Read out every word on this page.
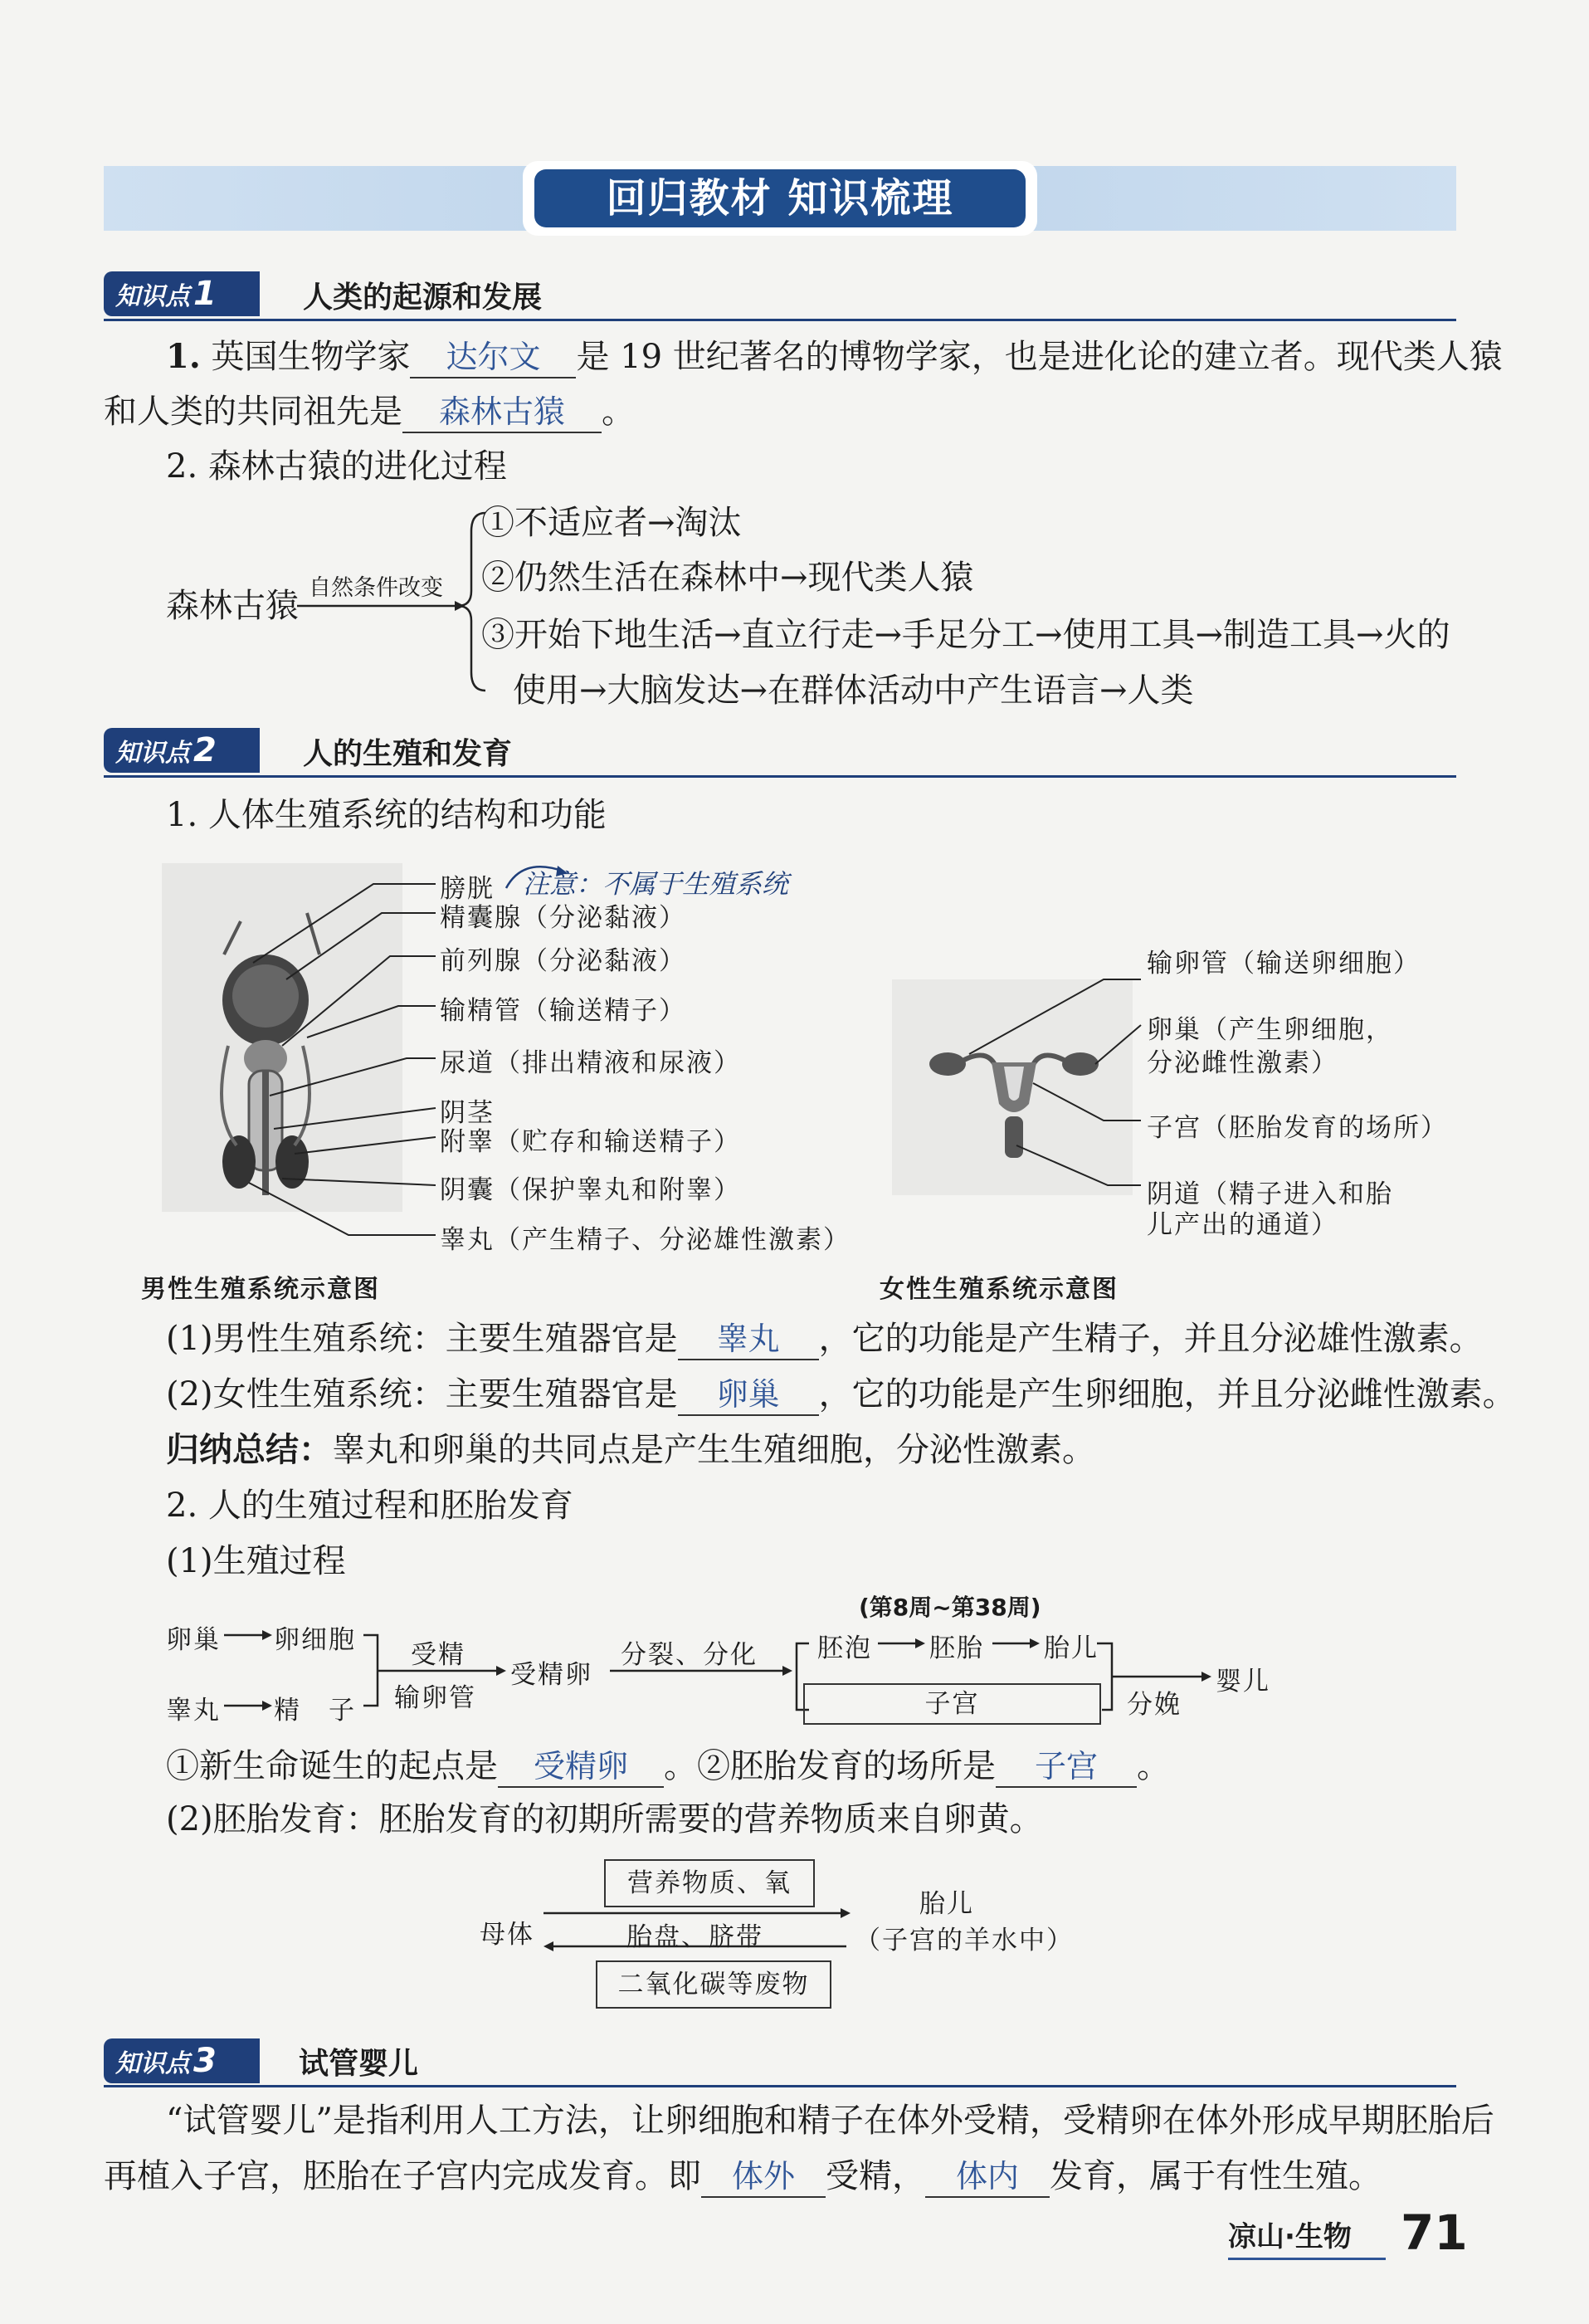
回归教材 知识梳理
知识点 1	人类的起源和发展
1. 英国生物学家 达尔文 是 19 世纪著名的博物学家，也是进化论的建立者。现代类人猿
和人类的共同祖先是 森林古猿 。
2. 森林古猿的进化过程
森林古猿 自然条件改变
①不适应者→淘汰
②仍然生活在森林中→现代类人猿
③开始下地生活→直立行走→手足分工→使用工具→制造工具→火的
使用→大脑发达→在群体活动中产生语言→人类
知识点 2	人的生殖和发育
1. 人体生殖系统的结构和功能
膀胱 注意：不属于生殖系统
精囊腺（分泌黏液）
前列腺（分泌黏液）
输精管（输送精子）
尿道（排出精液和尿液）
阴茎
附睾（贮存和输送精子）
阴囊（保护睾丸和附睾）
睾丸（产生精子、分泌雄性激素）
输卵管（输送卵细胞）
卵巢（产生卵细胞，
分泌雌性激素）
子宫（胚胎发育的场所）
阴道（精子进入和胎
儿产出的通道）
男性生殖系统示意图	女性生殖系统示意图
(1)男性生殖系统：主要生殖器官是 睾丸 ，它的功能是产生精子，并且分泌雄性激素。
(2)女性生殖系统：主要生殖器官是 卵巢 ，它的功能是产生卵细胞，并且分泌雌性激素。
归纳总结：睾丸和卵巢的共同点是产生生殖细胞，分泌性激素。
2. 人的生殖过程和胚胎发育
(1)生殖过程
卵巢 卵细胞
睾丸 精　子
受精
输卵管
受精卵
分裂、分化
(第8周~第38周)
胚泡 胚胎 胎儿
子宫	分娩
婴儿
①新生命诞生的起点是 受精卵 。②胚胎发育的场所是 子宫 。
(2)胚胎发育：胚胎发育的初期所需要的营养物质来自卵黄。
营养物质、氧
母体	胎盘、脐带
胎儿
（子宫的羊水中）
二氧化碳等废物
知识点 3	试管婴儿
“试管婴儿”是指利用人工方法，让卵细胞和精子在体外受精，受精卵在体外形成早期胚胎后
再植入子宫，胚胎在子宫内完成发育。即 体外 受精， 体内 发育，属于有性生殖。
凉山·生物 71
